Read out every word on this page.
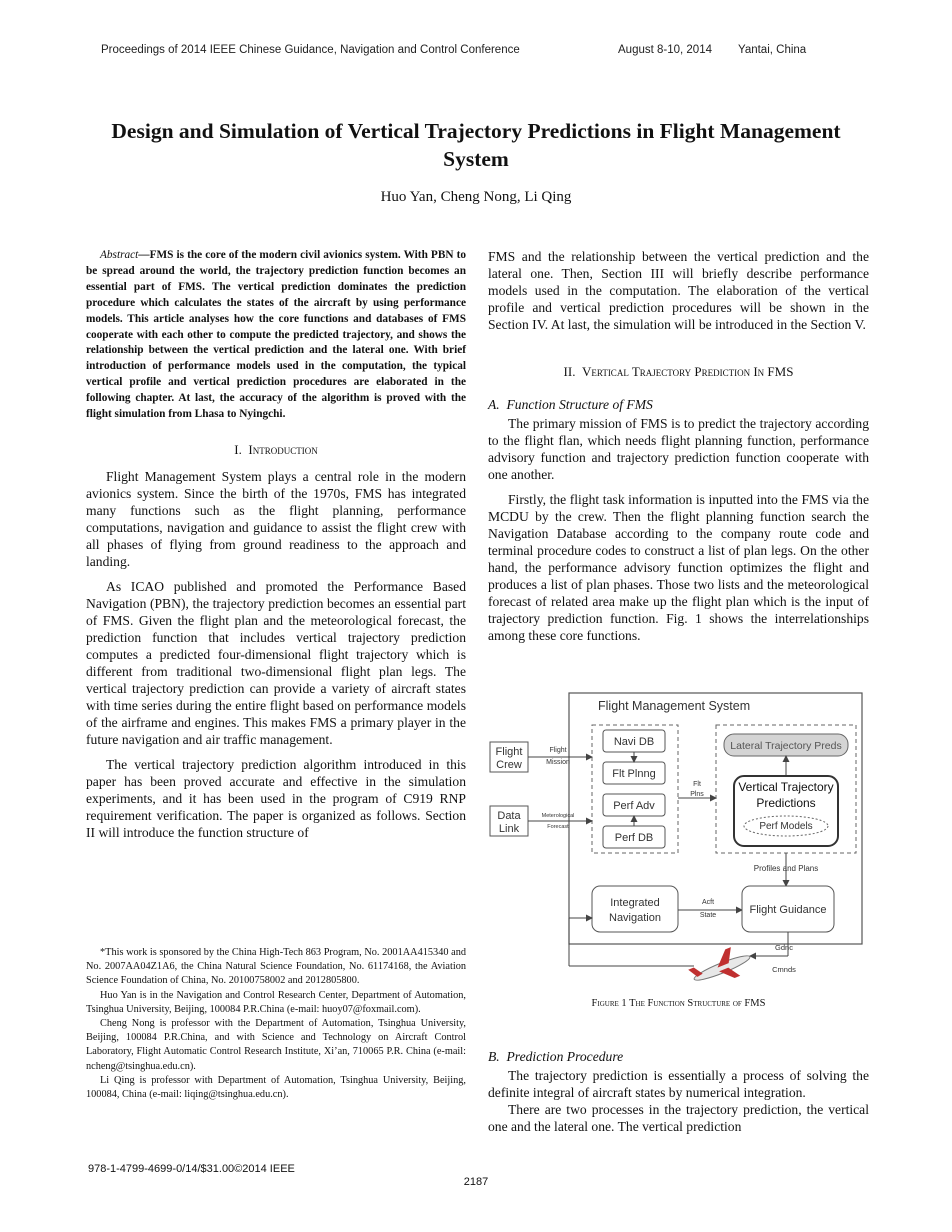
Proceedings of 2014 IEEE Chinese Guidance, Navigation and Control Conference	August 8-10, 2014 Yantai, China
Design and Simulation of Vertical Trajectory Predictions in Flight Management System
Huo Yan, Cheng Nong, Li Qing

Abstract—FMS is the core of the modern civil avionics system. With PBN to be spread around the world, the trajectory prediction function becomes an essential part of FMS. The vertical prediction dominates the prediction procedure which calculates the states of the aircraft by using performance models. This article analyses how the core functions and databases of FMS cooperate with each other to compute the predicted trajectory, and shows the relationship between the vertical prediction and the lateral one. With brief introduction of performance models used in the computation, the typical vertical profile and vertical prediction procedures are elaborated in the following chapter. At last, the accuracy of the algorithm is proved with the flight simulation from Lhasa to Nyingchi.

I. Introduction

Flight Management System plays a central role in the modern avionics system. Since the birth of the 1970s, FMS has integrated many functions such as the flight planning, performance computations, navigation and guidance to assist the flight crew with all phases of flying from ground readiness to the approach and landing.

As ICAO published and promoted the Performance Based Navigation (PBN), the trajectory prediction becomes an essential part of FMS. Given the flight plan and the meteorological forecast, the prediction function that includes vertical trajectory prediction computes a predicted four-dimensional flight trajectory which is different from traditional two-dimensional flight plan legs. The vertical trajectory prediction can provide a variety of aircraft states with time series during the entire flight based on performance models of the airframe and engines. This makes FMS a primary player in the future navigation and air traffic management.

The vertical trajectory prediction algorithm introduced in this paper has been proved accurate and effective in the simulation experiments, and it has been used in the program of C919 RNP requirement verification. The paper is organized as follows. Section II will introduce the function structure of

*This work is sponsored by the China High-Tech 863 Program, No. 2001AA415340 and No. 2007AA04Z1A6, the China Natural Science Foundation, No. 61174168, the Aviation Science Foundation of China, No. 20100758002 and 2012805800.

Huo Yan is in the Navigation and Control Research Center, Department of Automation, Tsinghua University, Beijing, 100084 P.R.China (e-mail: huoy07@foxmail.com).

Cheng Nong is professor with the Department of Automation, Tsinghua University, Beijing, 100084 P.R.China, and with Science and Technology on Aircraft Control Laboratory, Flight Automatic Control Research Institute, Xi’an, 710065 P.R. China (e-mail: ncheng@tsinghua.edu.cn).

Li Qing is professor with Department of Automation, Tsinghua University, Beijing, 100084, China (e-mail: liqing@tsinghua.edu.cn).

FMS and the relationship between the vertical prediction and the lateral one. Then, Section III will briefly describe performance models used in the computation. The elaboration of the vertical profile and vertical prediction procedures will be shown in the Section IV. At last, the simulation will be introduced in the Section V.

II. Vertical Trajectory Prediction In FMS

A. Function Structure of FMS

The primary mission of FMS is to predict the trajectory according to the flight flan, which needs flight planning function, performance advisory function and trajectory prediction function cooperate with one another.

Firstly, the flight task information is inputted into the FMS via the MCDU by the crew. Then the flight planning function search the Navigation Database according to the company route code and terminal procedure codes to construct a list of plan legs. On the other hand, the performance advisory function optimizes the flight and produces a list of plan phases. Those two lists and the meteorological forecast of related area make up the flight plan which is the input of trajectory prediction function. Fig. 1 shows the interrelationships among these core functions.

Flight Management System
Navi DB
Flt Plnng
Perf Adv
Perf DB
Flight
Crew
Flight
Mission
Data
Link
Meterological
Forecast
Flt
Plns
Lateral Trajectory Preds
Vertical Trajectory
Predictions
Perf Models
Profiles and Plans
Integrated
Navigation
Acft
State	Flight Guidance
Gdnc
Cmnds
Figure 1 The Function Structure of FMS

B. Prediction Procedure

The trajectory prediction is essentially a process of solving the definite integral of aircraft states by numerical integration.

There are two processes in the trajectory prediction, the vertical one and the lateral one. The vertical prediction

978-1-4799-4699-0/14/$31.00©2014 IEEE
2187
